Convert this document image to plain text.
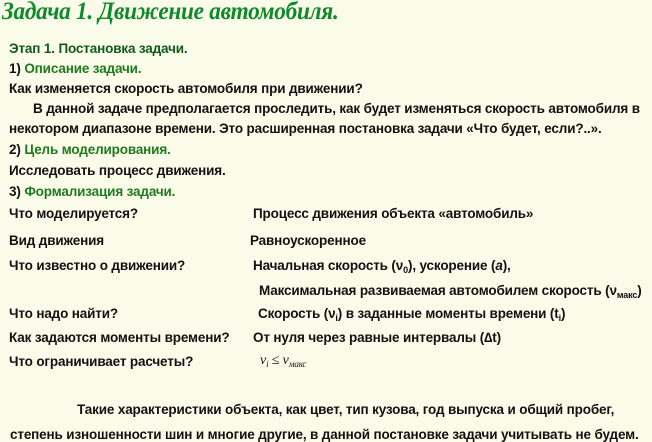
Задача 1. Движение автомобиля.
Этап 1. Постановка задачи.
1) Описание задачи.
Как изменяется скорость автомобиля при движении?
В данной задаче предполагается проследить, как будет изменяться скорость автомобиля в
некотором диапазоне времени. Это расширенная постановка задачи «Что будет, если?..».
2) Цель моделирования.
Исследовать процесс движения.
3) Формализация задачи.
Что моделируется?	Процесс движения объекта «автомобиль»
Вид движения	Равноускоренное
Что известно о движении?	Начальная скорость $(\nu_0)$, ускорение (a),
Максимальная развиваемая автомобилем скорость $(\nu_{макс})$
Что надо найти?	Скорость $(\nu_i)$ в заданные моменты времени $(t_i)$
Как задаются моменты времени? От нуля через равные интервалы (∆t)
Что ограничивает расчеты?	$\nu_i \le \nu_{макс}$
Такие характеристики объекта, как цвет, тип кузова, год выпуска и общий пробег,
степень изношенности шин и многие другие, в данной постановке задачи учитывать не будем.
